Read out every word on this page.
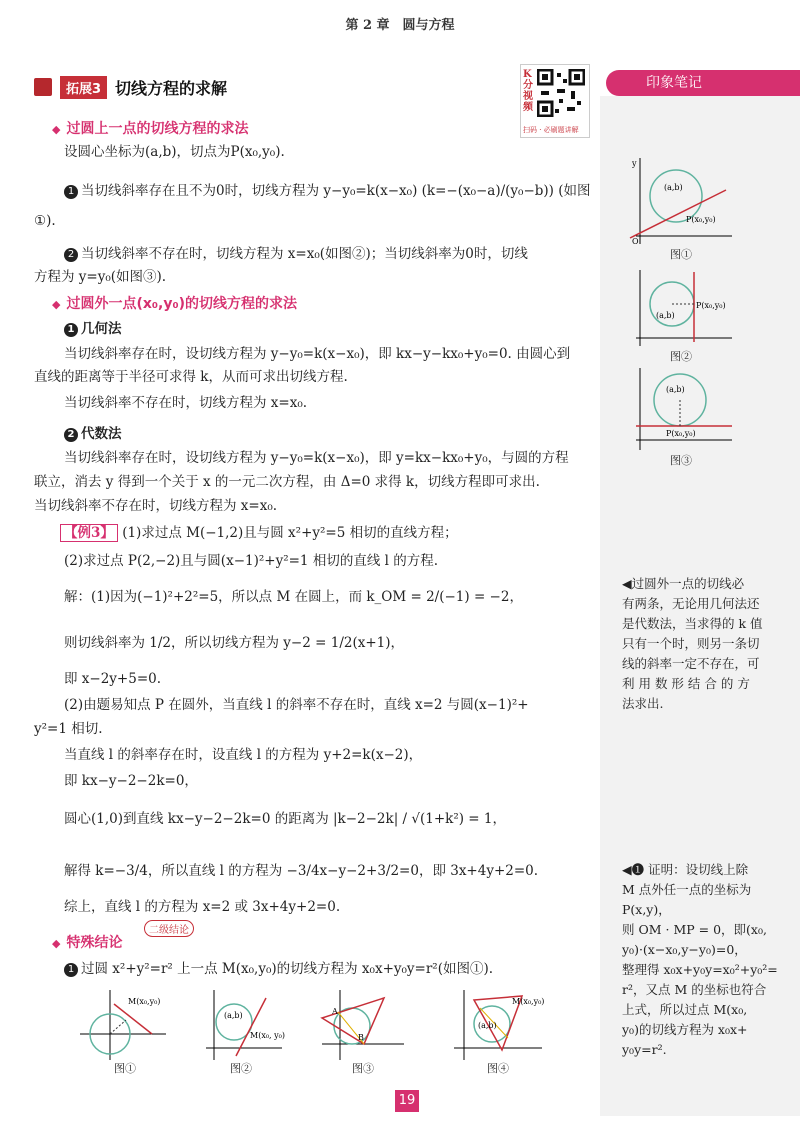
第 2 章　圆与方程
拓展3 切线方程的求解
K分视频
扫码 · 必刷题讲解
印象笔记
◆ 过圆上一点的切线方程的求法
设圆心坐标为(a,b)，切点为P(x₀,y₀).
1 当切线斜率存在且不为0时，切线方程为 y−y₀=k(x−x₀) (k=−(x₀−a)/(y₀−b)) (如图
①).
2 当切线斜率不存在时，切线方程为 x=x₀(如图②)；当切线斜率为0时，切线
方程为 y=y₀(如图③).
◆ 过圆外一点(x₀,y₀)的切线方程的求法
1 几何法
当切线斜率存在时，设切线方程为 y−y₀=k(x−x₀)，即 kx−y−kx₀+y₀=0. 由圆心到
直线的距离等于半径可求得 k，从而可求出切线方程.
当切线斜率不存在时，切线方程为 x=x₀.
2 代数法
当切线斜率存在时，设切线方程为 y−y₀=k(x−x₀)，即 y=kx−kx₀+y₀，与圆的方程
联立，消去 y 得到一个关于 x 的一元二次方程，由 Δ=0 求得 k，切线方程即可求出.
当切线斜率不存在时，切线方程为 x=x₀.
【例3】 (1)求过点 M(−1,2)且与圆 x²+y²=5 相切的直线方程；
(2)求过点 P(2,−2)且与圆(x−1)²+y²=1 相切的直线 l 的方程.
解：(1)因为(−1)²+2²=5，所以点 M 在圆上，而 k_OM = 2/(−1) = −2，
则切线斜率为 1/2，所以切线方程为 y−2 = 1/2(x+1)，
即 x−2y+5=0.
(2)由题易知点 P 在圆外，当直线 l 的斜率不存在时，直线 x=2 与圆(x−1)²+
y²=1 相切.
当直线 l 的斜率存在时，设直线 l 的方程为 y+2=k(x−2)，
即 kx−y−2−2k=0，
圆心(1,0)到直线 kx−y−2−2k=0 的距离为 |k−2−2k| / √(1+k²) = 1，
解得 k=−3/4，所以直线 l 的方程为 −3/4x−y−2+3/2=0，即 3x+4y+2=0.
综上，直线 l 的方程为 x=2 或 3x+4y+2=0.
◆ 特殊结论
二级结论
1 过圆 x²+y²=r² 上一点 M(x₀,y₀)的切线方程为 x₀x+y₀y=r²(如图①).
M(x₀,y₀)
图①
(a,b)
M(x₀, y₀)
图②
A
B
图③
(a,b)
M(x₀,y₀)
图④
(a,b)
P(x₀,y₀)
O
y
图①
(a,b)
P(x₀,y₀)
图②
(a,b)
P(x₀,y₀)
图③
◀过圆外一点的切线必
有两条，无论用几何法还
是代数法，当求得的 k 值
只有一个时，则另一条切
线的斜率一定不存在，可
利 用 数 形 结 合 的 方
法求出.
◀❶ 证明：设切线上除
M 点外任一点的坐标为
P(x,y)，
则 OM · MP = 0，即(x₀,
y₀)·(x−x₀,y−y₀)=0，
整理得 x₀x+y₀y=x₀²+y₀²=
r²，又点 M 的坐标也符合
上式，所以过点 M(x₀,
y₀)的切线方程为 x₀x+
y₀y=r².
19
